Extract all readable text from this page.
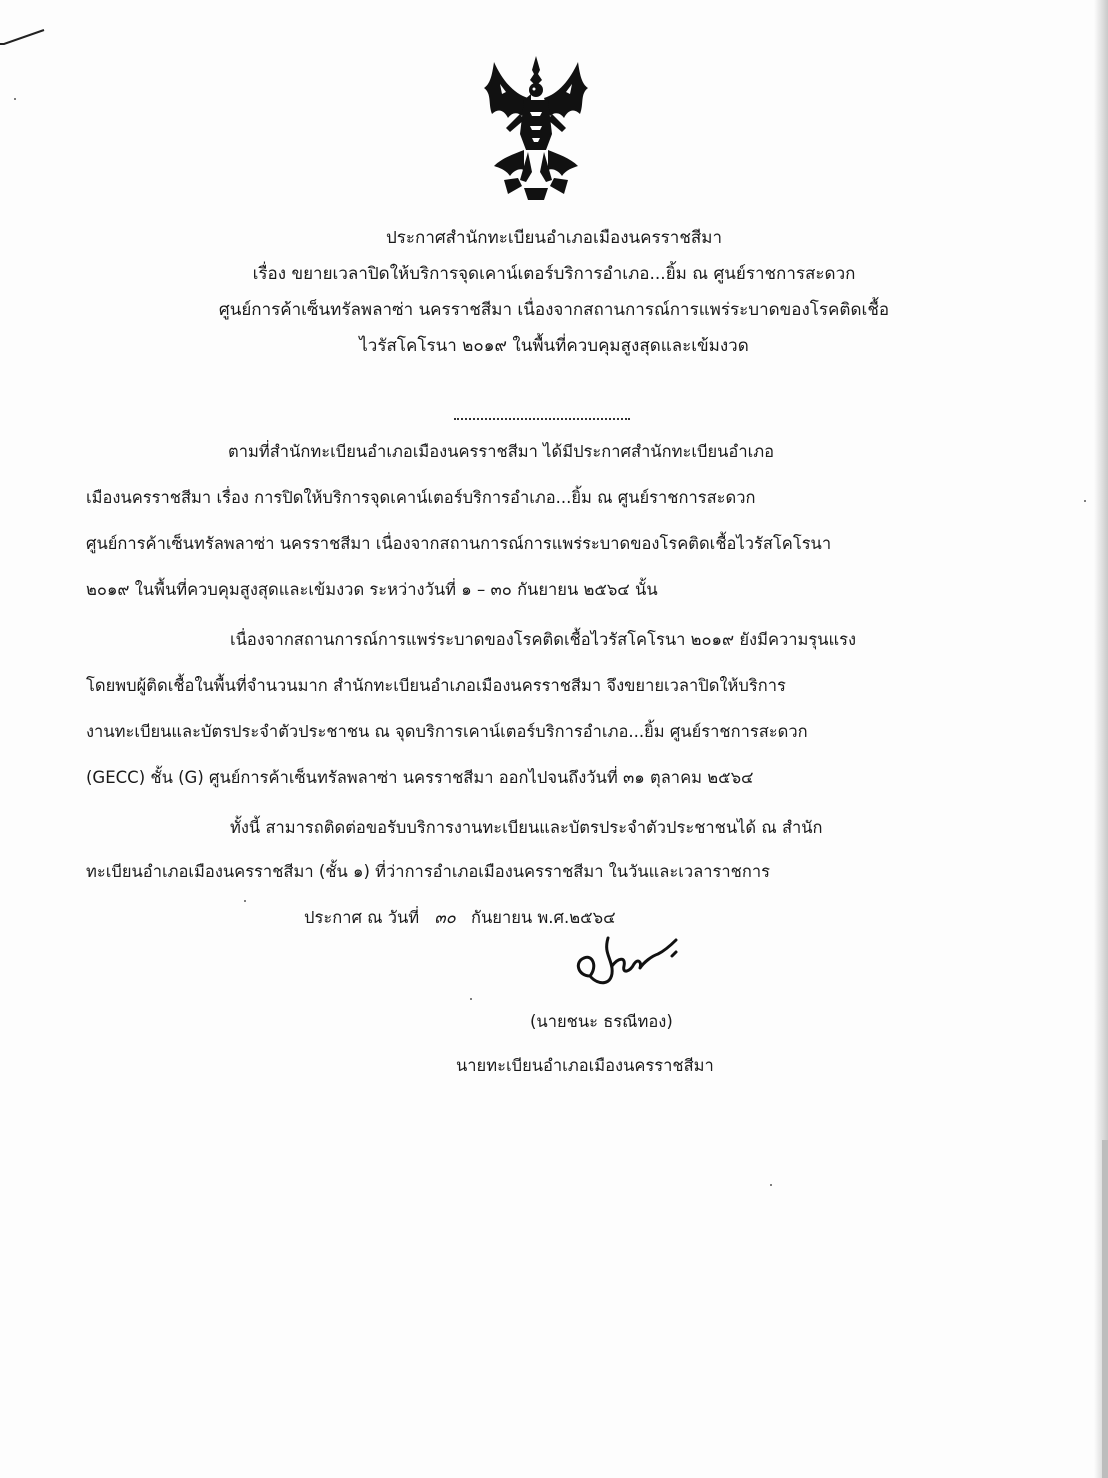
ประกาศสำนักทะเบียนอำเภอเมืองนครราชสีมา
เรื่อง ขยายเวลาปิดให้บริการจุดเคาน์เตอร์บริการอำเภอ...ยิ้ม ณ ศูนย์ราชการสะดวก
ศูนย์การค้าเซ็นทรัลพลาซ่า นครราชสีมา เนื่องจากสถานการณ์การแพร่ระบาดของโรคติดเชื้อ
ไวรัสโคโรนา ๒๐๑๙ ในพื้นที่ควบคุมสูงสุดและเข้มงวด
ตามที่สำนักทะเบียนอำเภอเมืองนครราชสีมา ได้มีประกาศสำนักทะเบียนอำเภอ
เมืองนครราชสีมา เรื่อง การปิดให้บริการจุดเคาน์เตอร์บริการอำเภอ...ยิ้ม ณ ศูนย์ราชการสะดวก
ศูนย์การค้าเซ็นทรัลพลาซ่า นครราชสีมา เนื่องจากสถานการณ์การแพร่ระบาดของโรคติดเชื้อไวรัสโคโรนา
๒๐๑๙ ในพื้นที่ควบคุมสูงสุดและเข้มงวด ระหว่างวันที่ ๑ – ๓๐ กันยายน ๒๕๖๔ นั้น
เนื่องจากสถานการณ์การแพร่ระบาดของโรคติดเชื้อไวรัสโคโรนา ๒๐๑๙ ยังมีความรุนแรง
โดยพบผู้ติดเชื้อในพื้นที่จำนวนมาก สำนักทะเบียนอำเภอเมืองนครราชสีมา จึงขยายเวลาปิดให้บริการ
งานทะเบียนและบัตรประจำตัวประชาชน ณ จุดบริการเคาน์เตอร์บริการอำเภอ...ยิ้ม ศูนย์ราชการสะดวก
(GECC) ชั้น (G) ศูนย์การค้าเซ็นทรัลพลาซ่า นครราชสีมา ออกไปจนถึงวันที่ ๓๑ ตุลาคม ๒๕๖๔
ทั้งนี้ สามารถติดต่อขอรับบริการงานทะเบียนและบัตรประจำตัวประชาชนได้ ณ สำนัก
ทะเบียนอำเภอเมืองนครราชสีมา (ชั้น ๑) ที่ว่าการอำเภอเมืองนครราชสีมา ในวันและเวลาราชการ
ประกาศ ณ วันที่ ๓๐ กันยายน พ.ศ.๒๕๖๔
(นายชนะ ธรณีทอง)
นายทะเบียนอำเภอเมืองนครราชสีมา
